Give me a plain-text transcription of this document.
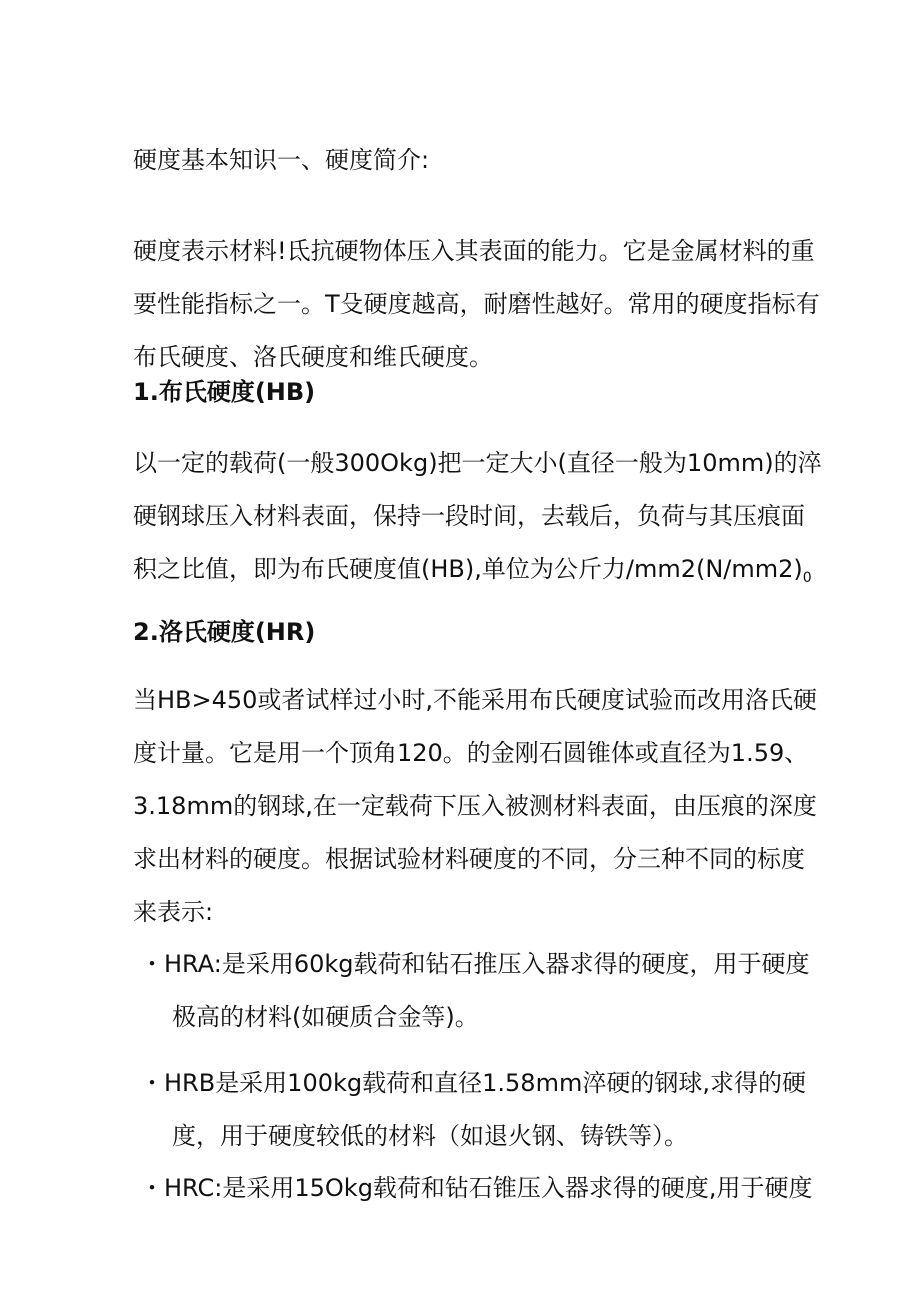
硬度基本知识一、硬度简介:
硬度表示材料!氐抗硬物体压入其表面的能力。它是金属材料的重
要性能指标之一。T殳硬度越高，耐磨性越好。常用的硬度指标有
布氏硬度、洛氏硬度和维氏硬度。
1.布氏硬度(HB)
以一定的载荷(一般300Okg)把一定大小(直径一般为10mm)的淬
硬钢球压入材料表面，保持一段时间，去载后，负荷与其压痕面
积之比值，即为布氏硬度值(HB),单位为公斤力$/mm2(N∕mm2)_0$
2.洛氏硬度(HR)
当HB>450或者试样过小时,不能采用布氏硬度试验而改用洛氏硬
度计量。它是用一个顶角120。的金刚石圆锥体或直径为1.59、
3.18mm的钢球,在一定载荷下压入被测材料表面，由压痕的深度
求出材料的硬度。根据试验材料硬度的不同，分三种不同的标度
来表示:
・ HRA:是采用60kg载荷和钻石推压入器求得的硬度，用于硬度
极高的材料(如硬质合金等)。
・ HRB是采用100kg载荷和直径1.58mm淬硬的钢球,求得的硬
度，用于硬度较低的材料（如退火钢、铸铁等）。
・ HRC:是采用15Okg载荷和钻石锥压入器求得的硬度,用于硬度
